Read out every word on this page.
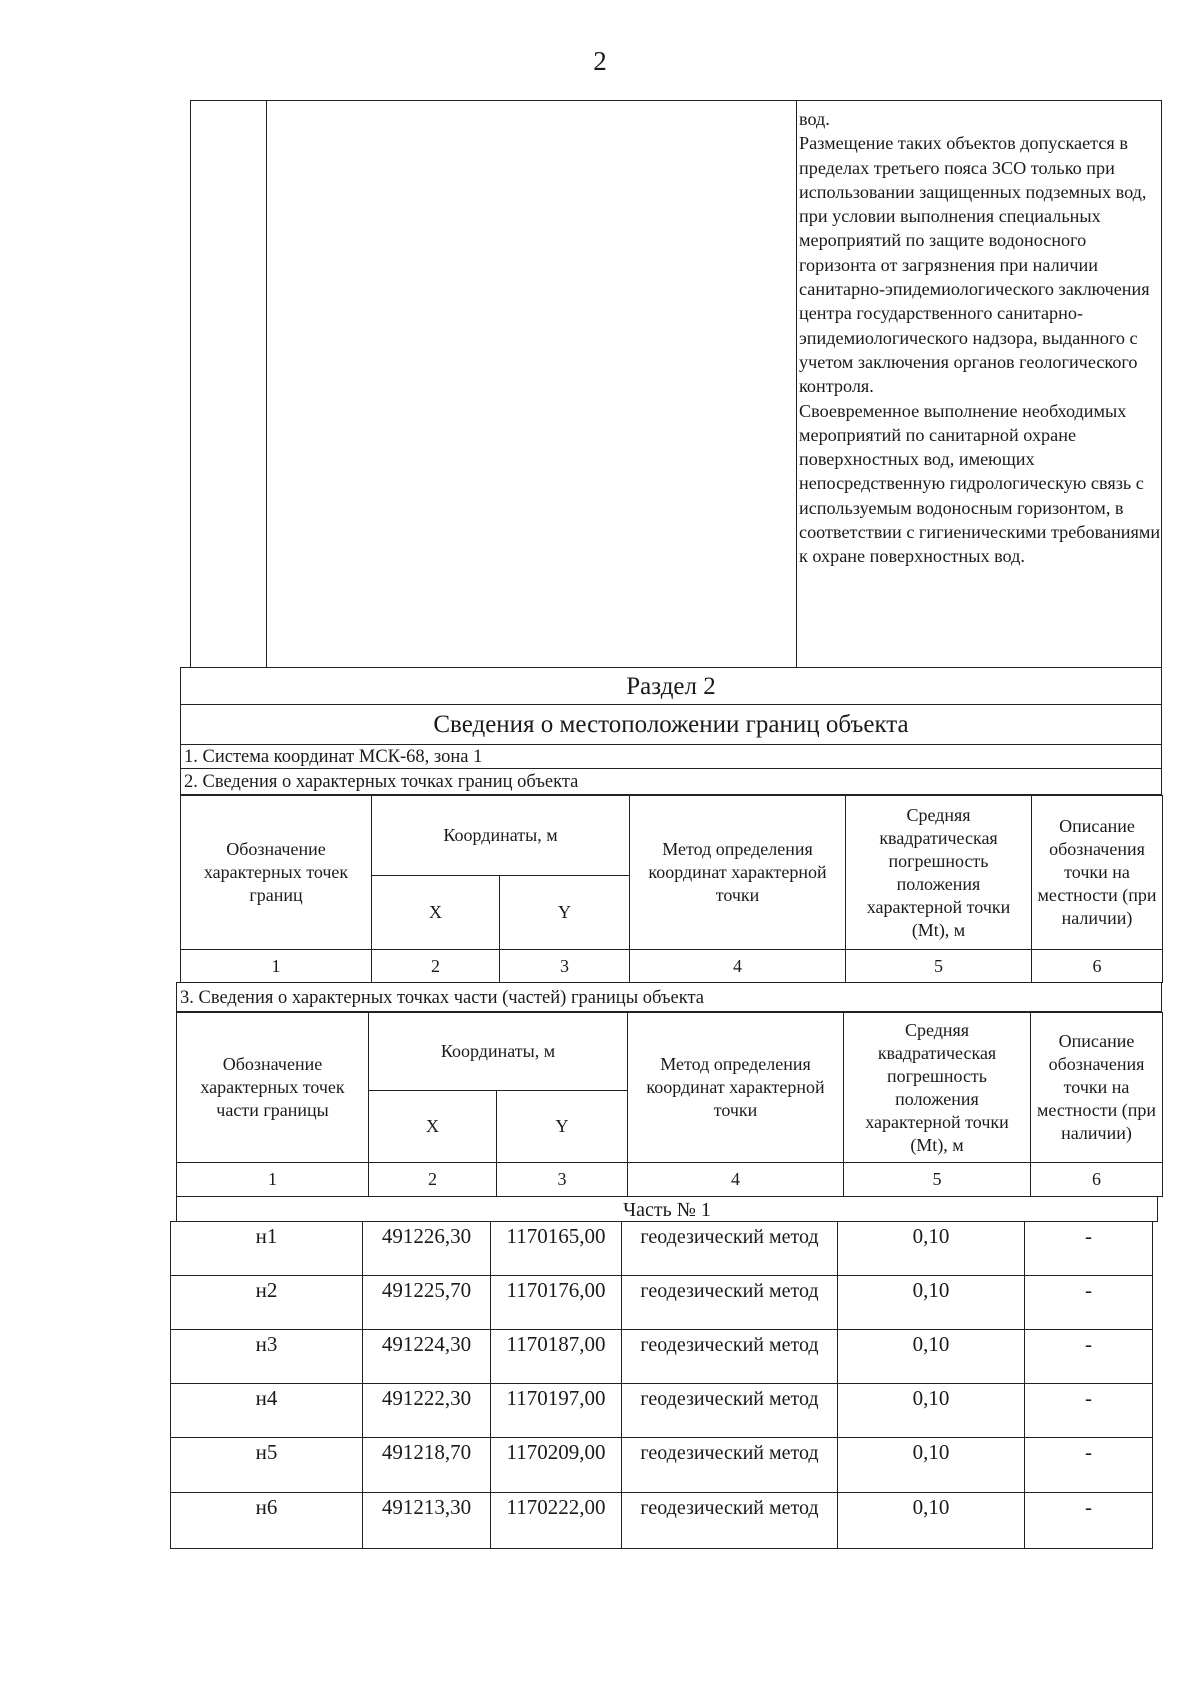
2

вод.

Размещение таких объектов допускается в пределах третьего пояса ЗСО только при использовании защищенных подземных вод, при условии выполнения специальных мероприятий по защите водоносного горизонта от загрязнения при наличии санитарно-эпидемиологического заключения центра государственного санитарно-эпидемиологического надзора, выданного с учетом заключения органов геологического контроля.

Своевременное выполнение необходимых мероприятий по санитарной охране поверхностных вод, имеющих непосредственную гидрологическую связь с используемым водоносным горизонтом, в соответствии с гигиеническими требованиями к охране поверхностных вод.

Раздел 2
Сведения о местоположении границ объекта
1. Система координат МСК-68, зона 1
2. Сведения о характерных точках границ объекта
Обозначение характерных точек границ	Координаты, м		Метод определения координат характерной точки	Средняя квадратическая погрешность положения характерной точки (Mt), м	Описание обозначения точки на местности (при наличии)
	X	Y			
1	2	3	4	5	6
3. Сведения о характерных точках части (частей) границы объекта
Обозначение характерных точек части границы	Координаты, м		Метод определения координат характерной точки	Средняя квадратическая погрешность положения характерной точки (Mt), м	Описание обозначения точки на местности (при наличии)
	X	Y			
1	2	3	4	5	6
Часть № 1
н1	491226,30	1170165,00	геодезический метод	0,10	-
н2	491225,70	1170176,00	геодезический метод	0,10	-
н3	491224,30	1170187,00	геодезический метод	0,10	-
н4	491222,30	1170197,00	геодезический метод	0,10	-
н5	491218,70	1170209,00	геодезический метод	0,10	-
н6	491213,30	1170222,00	геодезический метод	0,10	-
